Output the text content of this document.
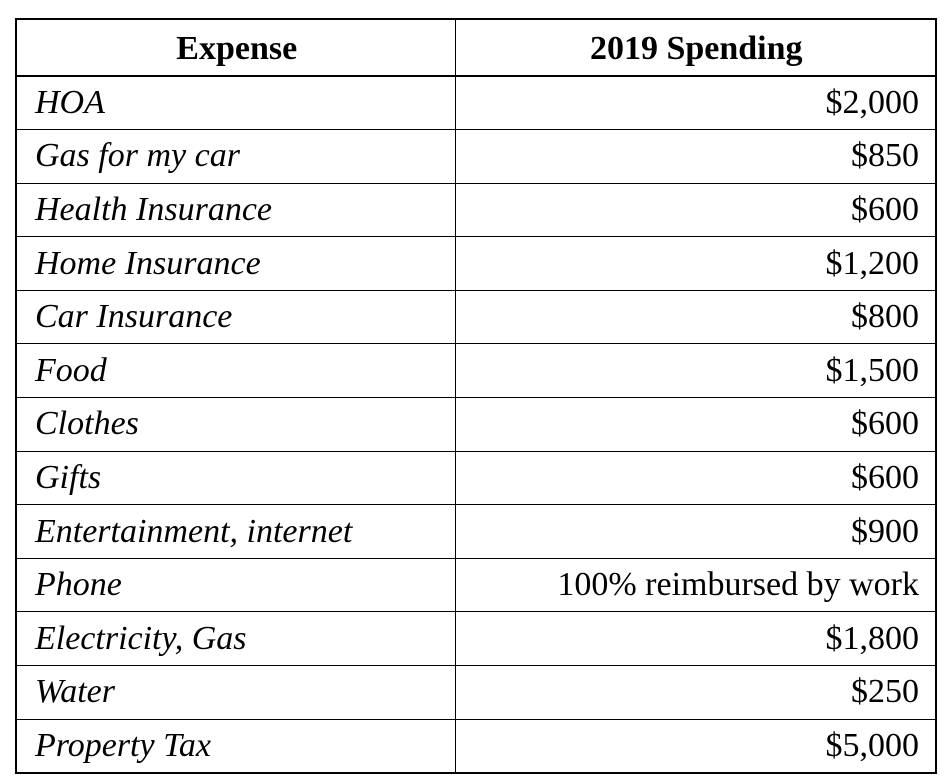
Expense	2019 Spending
HOA	$2,000
Gas for my car	$850
Health Insurance	$600
Home Insurance	$1,200
Car Insurance	$800
Food	$1,500
Clothes	$600
Gifts	$600
Entertainment, internet	$900
Phone	100% reimbursed by work
Electricity, Gas	$1,800
Water	$250
Property Tax	$5,000
